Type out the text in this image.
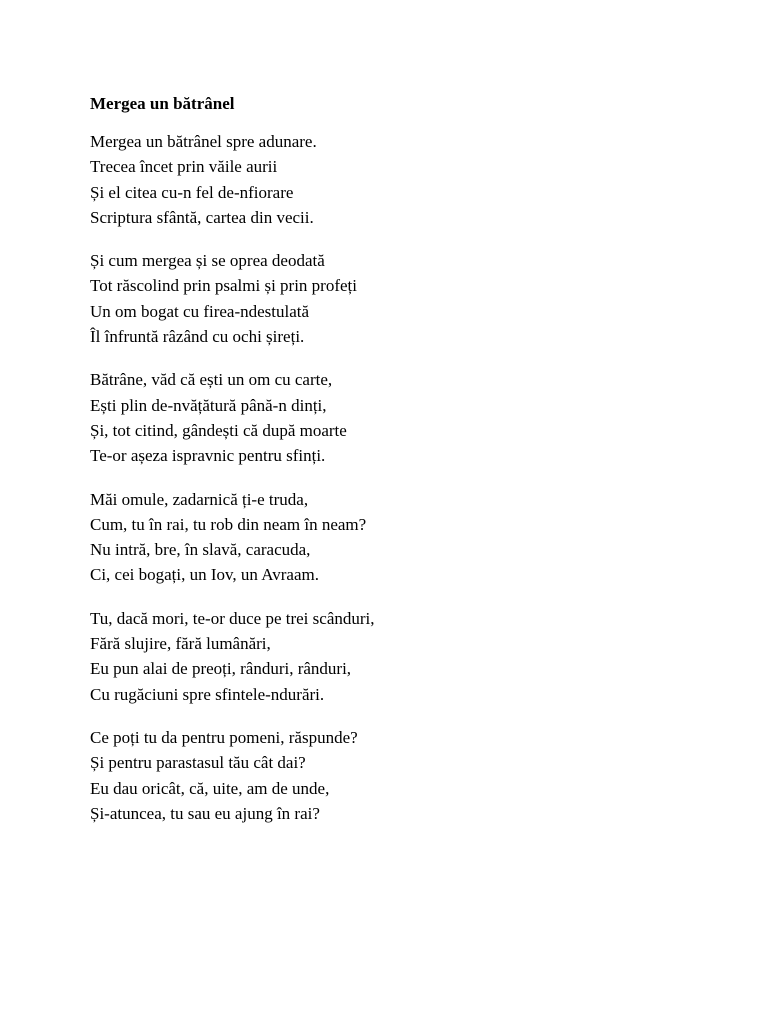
Mergea un bătrânel
Mergea un bătrânel spre adunare.
Trecea încet prin văile aurii
Și el citea cu-n fel de-nfiorare
Scriptura sfântă, cartea din vecii.
Și cum mergea și se oprea deodată
Tot răscolind prin psalmi și prin profeți
Un om bogat cu firea-ndestulată
Îl înfruntă râzând cu ochi șireți.
Bătrâne, văd că ești un om cu carte,
Ești plin de-nvățătură până-n dinți,
Și, tot citind, gândești că după moarte
Te-or așeza ispravnic pentru sfinți.
Măi omule, zadarnică ți-e truda,
Cum, tu în rai, tu rob din neam în neam?
Nu intră, bre, în slavă, caracuda,
Ci, cei bogați, un Iov, un Avraam.
Tu, dacă mori, te-or duce pe trei scânduri,
Fără slujire, fără lumânări,
Eu pun alai de preoți, rânduri, rânduri,
Cu rugăciuni spre sfintele-ndurări.
Ce poți tu da pentru pomeni, răspunde?
Și pentru parastasul tău cât dai?
Eu dau oricât, că, uite, am de unde,
Și-atuncea, tu sau eu ajung în rai?
